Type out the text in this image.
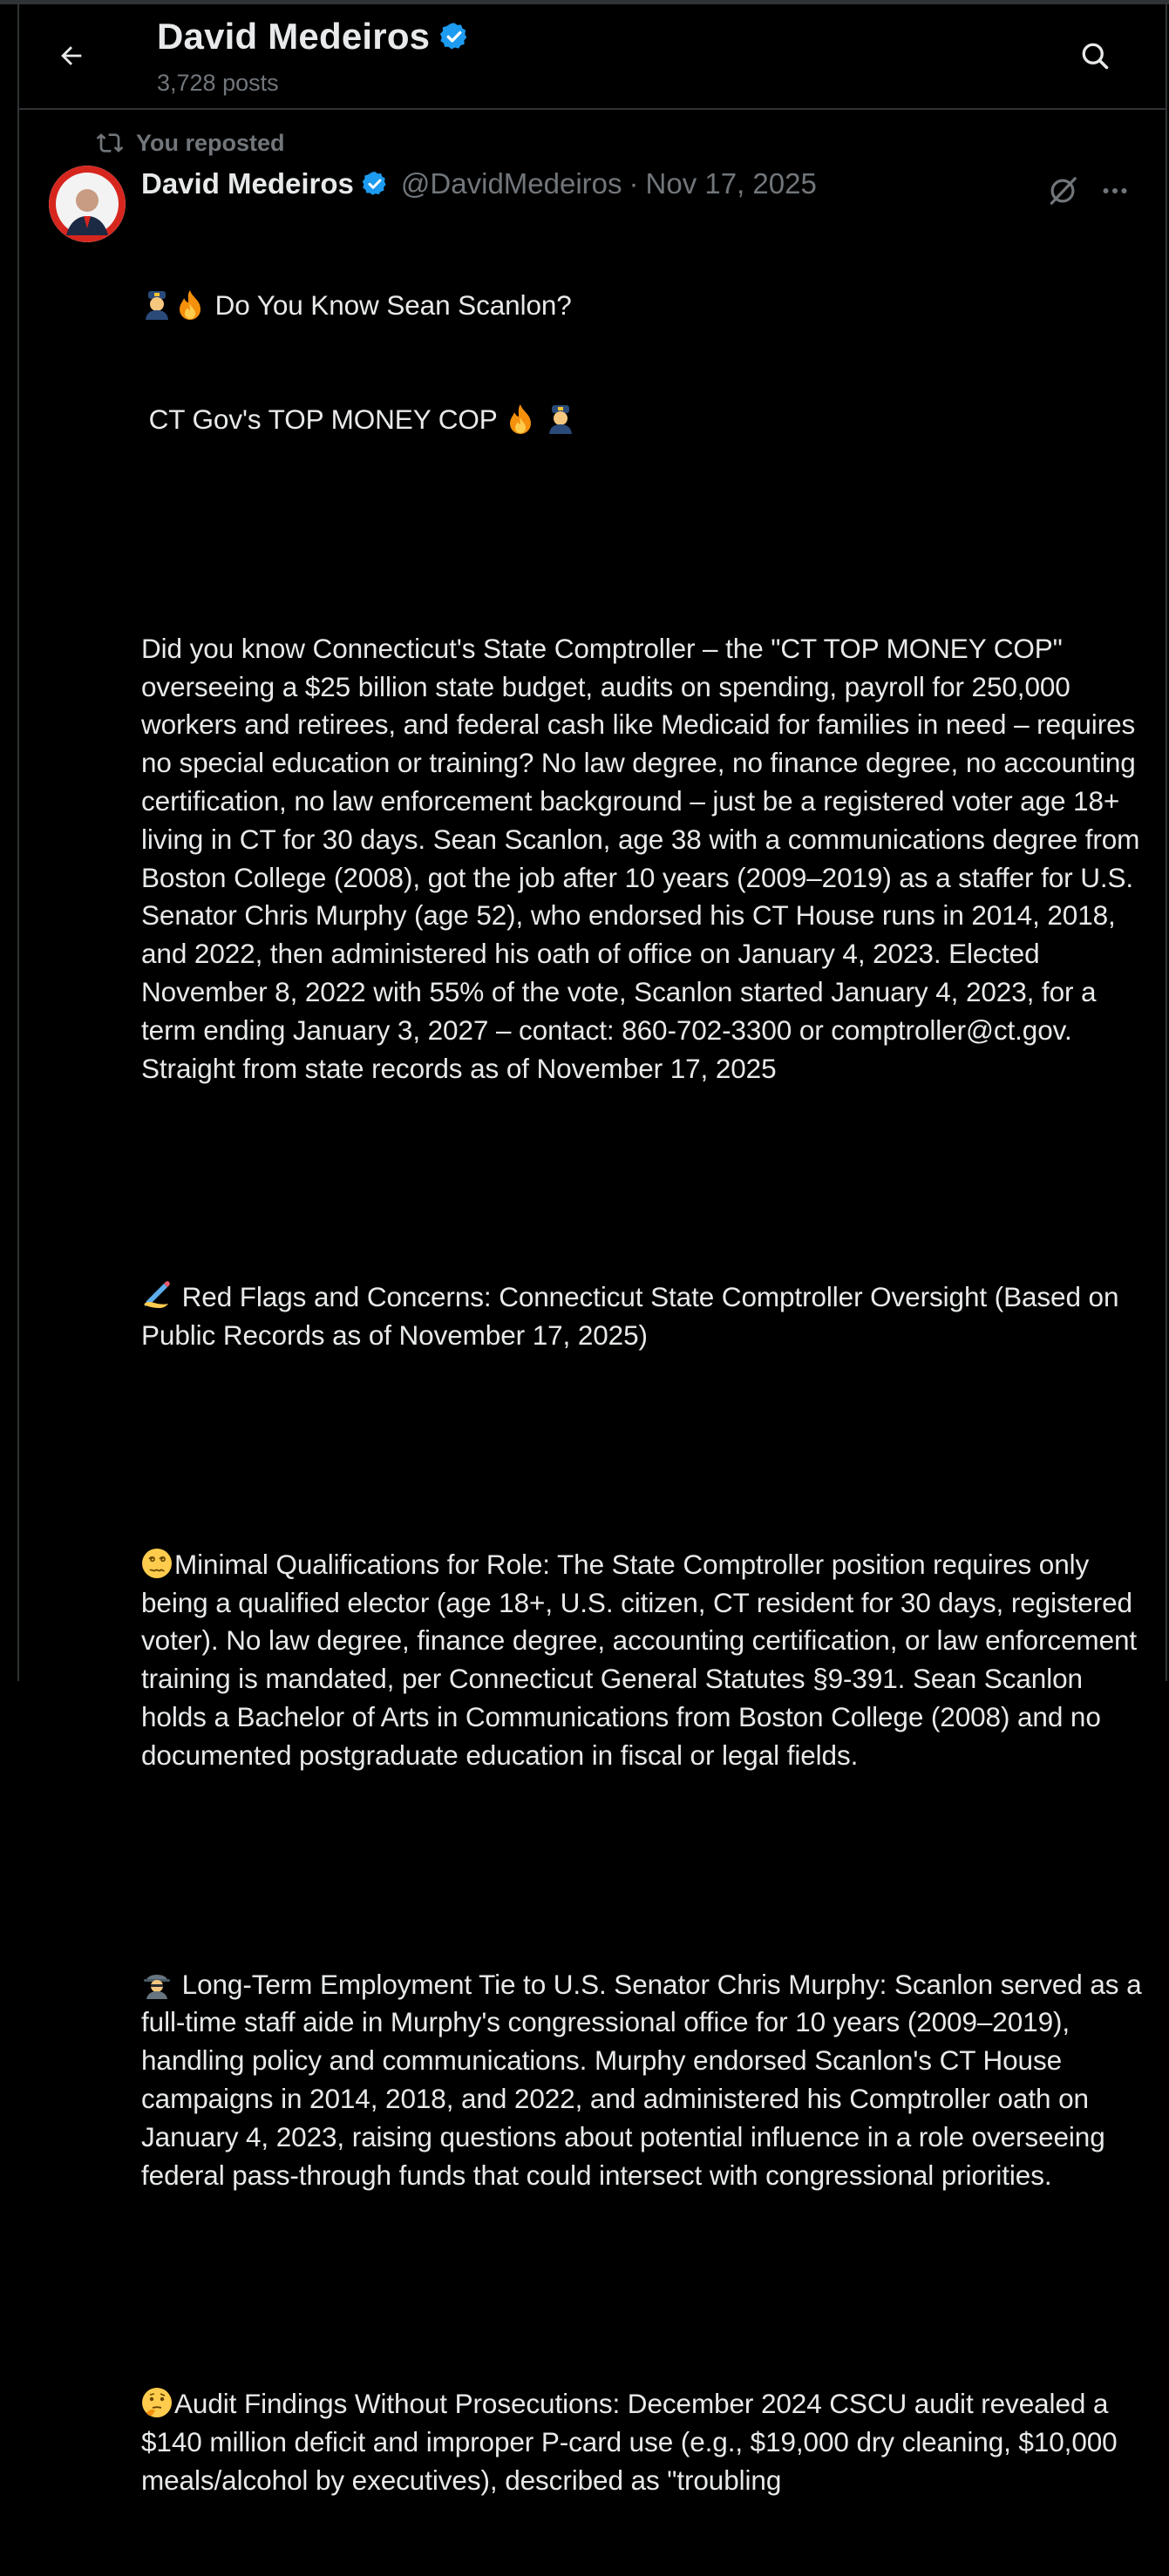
David Medeiros
3,728 posts
You reposted
David Medeiros @DavidMedeiros · Nov 17, 2025

Do You Know Sean Scanlon?

CT Gov's TOP MONEY COP

Did you know Connecticut's State Comptroller – the "CT TOP MONEY COP" overseeing a $25 billion state budget, audits on spending, payroll for 250,000 workers and retirees, and federal cash like Medicaid for families in need – requires no special education or training? No law degree, no finance degree, no accounting certification, no law enforcement background – just be a registered voter age 18+ living in CT for 30 days. Sean Scanlon, age 38 with a communications degree from Boston College (2008), got the job after 10 years (2009–2019) as a staffer for U.S. Senator Chris Murphy (age 52), who endorsed his CT House runs in 2014, 2018, and 2022, then administered his oath of office on January 4, 2023. Elected November 8, 2022 with 55% of the vote, Scanlon started January 4, 2023, for a term ending January 3, 2027 – contact: 860-702-3300 or comptroller@ct.gov. Straight from state records as of November 17, 2025

Red Flags and Concerns: Connecticut State Comptroller Oversight (Based on Public Records as of November 17, 2025)

Minimal Qualifications for Role: The State Comptroller position requires only being a qualified elector (age 18+, U.S. citizen, CT resident for 30 days, registered voter). No law degree, finance degree, accounting certification, or law enforcement training is mandated, per Connecticut General Statutes §9-391. Sean Scanlon holds a Bachelor of Arts in Communications from Boston College (2008) and no documented postgraduate education in fiscal or legal fields.

Long-Term Employment Tie to U.S. Senator Chris Murphy: Scanlon served as a full-time staff aide in Murphy's congressional office for 10 years (2009–2019), handling policy and communications. Murphy endorsed Scanlon's CT House campaigns in 2014, 2018, and 2022, and administered his Comptroller oath on January 4, 2023, raising questions about potential influence in a role overseeing federal pass-through funds that could intersect with congressional priorities.

Audit Findings Without Prosecutions: December 2024 CSCU audit revealed a $140 million deficit and improper P-card use (e.g., $19,000 dry cleaning, $10,000 meals/alcohol by executives), described as "troubling
